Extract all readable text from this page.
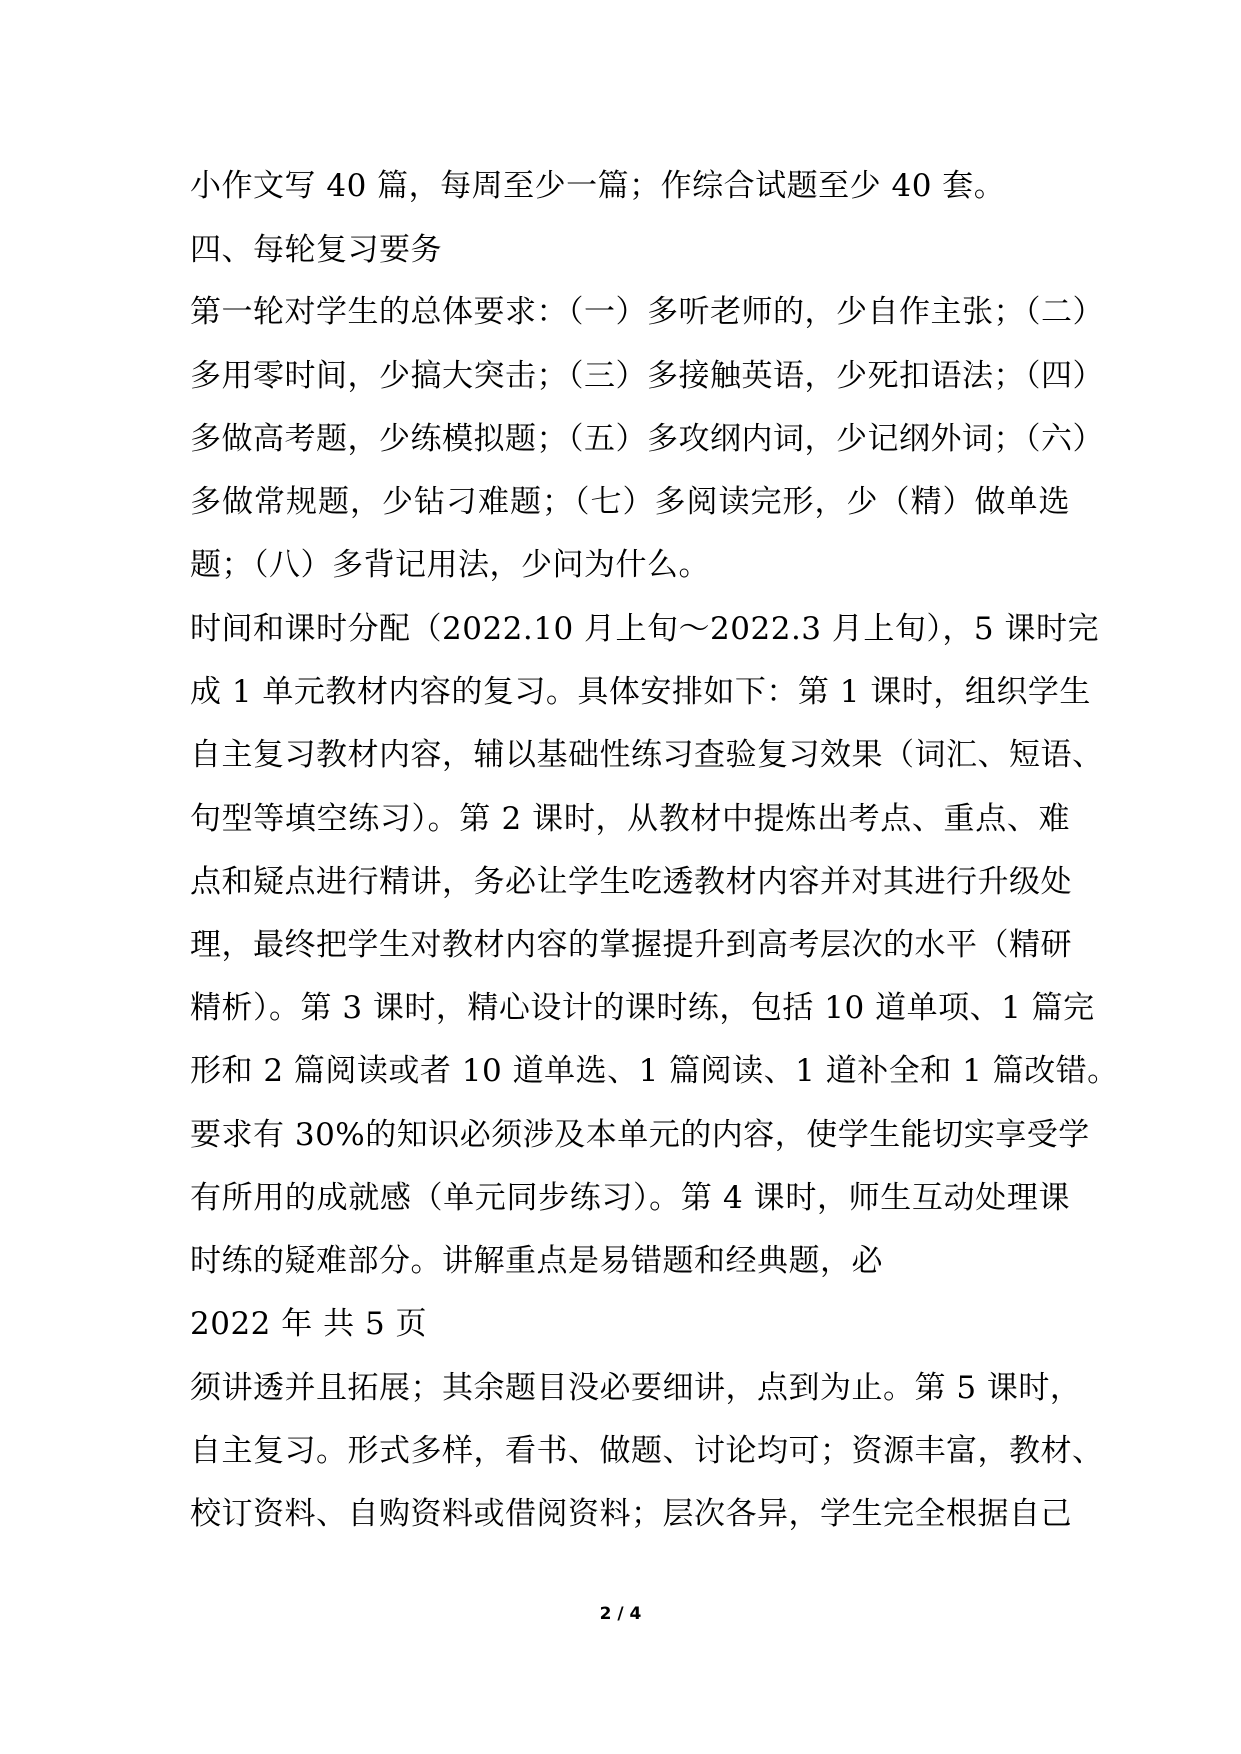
小作文写 40 篇，每周至少一篇；作综合试题至少 40 套。
四、每轮复习要务
第一轮对学生的总体要求：（一）多听老师的，少自作主张；（二）
多用零时间，少搞大突击；（三）多接触英语，少死扣语法；（四）
多做高考题，少练模拟题；（五）多攻纲内词，少记纲外词；（六）
多做常规题，少钻刁难题；（七）多阅读完形，少（精）做单选
题；（八）多背记用法，少问为什么。
时间和课时分配（2022.10 月上旬～2022.3 月上旬），5 课时完
成 1 单元教材内容的复习。具体安排如下：第 1 课时，组织学生
自主复习教材内容，辅以基础性练习查验复习效果（词汇、短语、
句型等填空练习）。第 2 课时，从教材中提炼出考点、重点、难
点和疑点进行精讲，务必让学生吃透教材内容并对其进行升级处
理，最终把学生对教材内容的掌握提升到高考层次的水平（精研
精析）。第 3 课时，精心设计的课时练，包括 10 道单项、1 篇完
形和 2 篇阅读或者 10 道单选、1 篇阅读、1 道补全和 1 篇改错。
要求有 30%的知识必须涉及本单元的内容，使学生能切实享受学
有所用的成就感（单元同步练习）。第 4 课时，师生互动处理课
时练的疑难部分。讲解重点是易错题和经典题，必
2022 年 共 5 页
须讲透并且拓展；其余题目没必要细讲，点到为止。第 5 课时，
自主复习。形式多样，看书、做题、讨论均可；资源丰富，教材、
校订资料、自购资料或借阅资料；层次各异，学生完全根据自己
2 / 4
